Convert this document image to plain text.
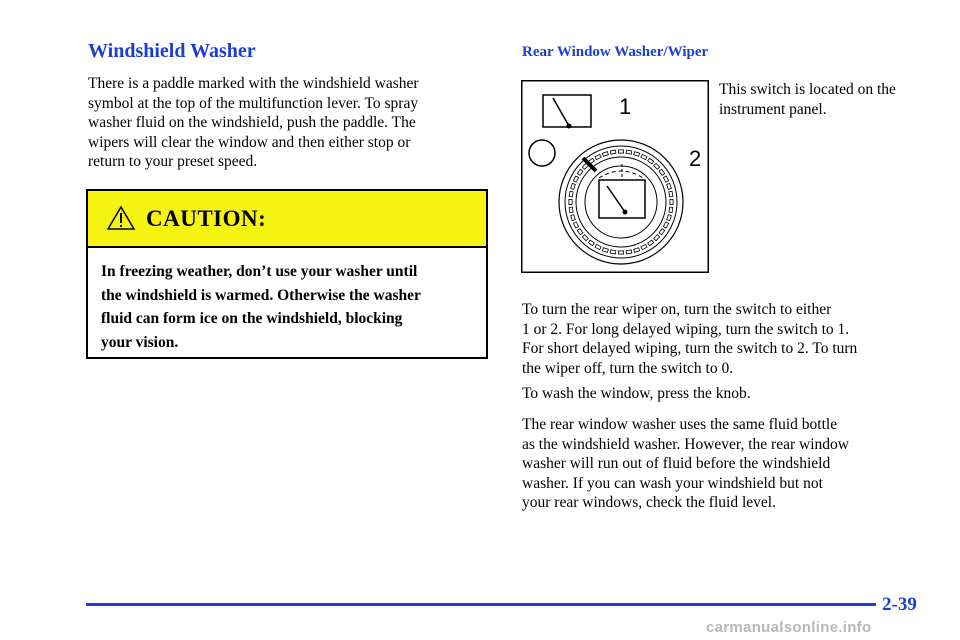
Windshield Washer

There is a paddle marked with the windshield washer
symbol at the top of the multifunction lever. To spray
washer fluid on the windshield, push the paddle. The
wipers will clear the window and then either stop or
return to your preset speed.

CAUTION:
In freezing weather, don’t use your washer until
the windshield is warmed. Otherwise the washer
fluid can form ice on the windshield, blocking
your vision.
Rear Window Washer/Wiper
1
2

This switch is located on the
instrument panel.

To turn the rear wiper on, turn the switch to either
1 or 2. For long delayed wiping, turn the switch to 1.
For short delayed wiping, turn the switch to 2. To turn
the wiper off, turn the switch to 0.

To wash the window, press the knob.

The rear window washer uses the same fluid bottle
as the windshield washer. However, the rear window
washer will run out of fluid before the windshield
washer. If you can wash your windshield but not
your rear windows, check the fluid level.

2-39
carmanualsonline.info
